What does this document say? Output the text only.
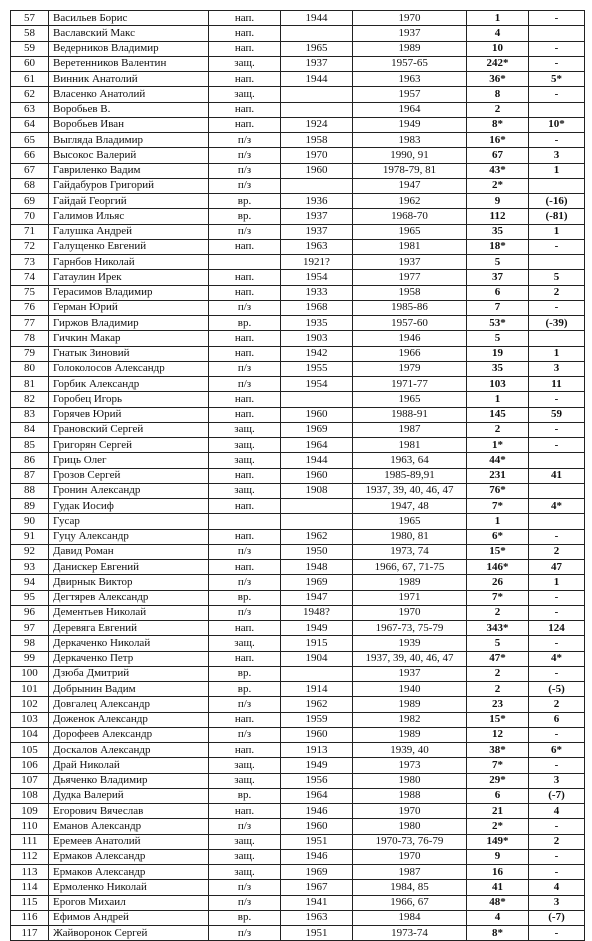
57	Васильев Борис	нап.	1944	1970	1	-
58	Ваславский Макс	нап.		1937	4	
59	Ведерников Владимир	нап.	1965	1989	10	-
60	Веретенников Валентин	защ.	1937	1957-65	242*	-
61	Винник Анатолий	нап.	1944	1963	36*	5*
62	Власенко Анатолий	защ.		1957	8	-
63	Воробьев В.	нап.		1964	2	
64	Воробьев Иван	нап.	1924	1949	8*	10*
65	Выгляда Владимир	п/з	1958	1983	16*	-
66	Высокос Валерий	п/з	1970	1990, 91	67	3
67	Гавриленко Вадим	п/з	1960	1978-79, 81	43*	1
68	Гайдабуров Григорий	п/з		1947	2*	
69	Гайдай Георгий	вр.	1936	1962	9	(-16)
70	Галимов Ильяс	вр.	1937	1968-70	112	(-81)
71	Галушка Андрей	п/з	1937	1965	35	1
72	Галущенко Евгений	нап.	1963	1981	18*	-
73	Гарнбов Николай		1921?	1937	5	
74	Гатаулин Ирек	нап.	1954	1977	37	5
75	Герасимов Владимир	нап.	1933	1958	6	2
76	Герман Юрий	п/з	1968	1985-86	7	-
77	Гиржов Владимир	вр.	1935	1957-60	53*	(-39)
78	Гичкин Макар	нап.	1903	1946	5	
79	Гнатык Зиновий	нап.	1942	1966	19	1
80	Голоколосов Александр	п/з	1955	1979	35	3
81	Горбик Александр	п/з	1954	1971-77	103	11
82	Горобец Игорь	нап.		1965	1	-
83	Горячев Юрий	нап.	1960	1988-91	145	59
84	Грановский Сергей	защ.	1969	1987	2	-
85	Григорян Сергей	защ.	1964	1981	1*	-
86	Гриць Олег	защ.	1944	1963, 64	44*	
87	Грозов Сергей	нап.	1960	1985-89,91	231	41
88	Гронин Александр	защ.	1908	1937, 39, 40, 46, 47	76*	
89	Гудак Иосиф	нап.		1947, 48	7*	4*
90	Гусар			1965	1	
91	Гуцу Александр	нап.	1962	1980, 81	6*	-
92	Давид Роман	п/з	1950	1973, 74	15*	2
93	Данискер Евгений	нап.	1948	1966, 67, 71-75	146*	47
94	Двирнык Виктор	п/з	1969	1989	26	1
95	Дегтярев Александр	вр.	1947	1971	7*	-
96	Дементьев Николай	п/з	1948?	1970	2	-
97	Деревяга Евгений	нап.	1949	1967-73, 75-79	343*	124
98	Деркаченко Николай	защ.	1915	1939	5	-
99	Деркаченко Петр	нап.	1904	1937, 39, 40, 46, 47	47*	4*
100	Дзюба Дмитрий	вр.		1937	2	-
101	Добрынин Вадим	вр.	1914	1940	2	(-5)
102	Довгалец Александр	п/з	1962	1989	23	2
103	Доженок Александр	нап.	1959	1982	15*	6
104	Дорофеев Александр	п/з	1960	1989	12	-
105	Доскалов Александр	нап.	1913	1939, 40	38*	6*
106	Драй Николай	защ.	1949	1973	7*	-
107	Дьяченко Владимир	защ.	1956	1980	29*	3
108	Дудка Валерий	вр.	1964	1988	6	(-7)
109	Егорович Вячеслав	нап.	1946	1970	21	4
110	Еманов Александр	п/з	1960	1980	2*	-
111	Еремеев Анатолий	защ.	1951	1970-73, 76-79	149*	2
112	Ермаков Александр	защ.	1946	1970	9	-
113	Ермаков Александр	защ.	1969	1987	16	-
114	Ермоленко Николай	п/з	1967	1984, 85	41	4
115	Ерогов Михаил	п/з	1941	1966, 67	48*	3
116	Ефимов Андрей	вр.	1963	1984	4	(-7)
117	Жайворонок Сергей	п/з	1951	1973-74	8*	-
